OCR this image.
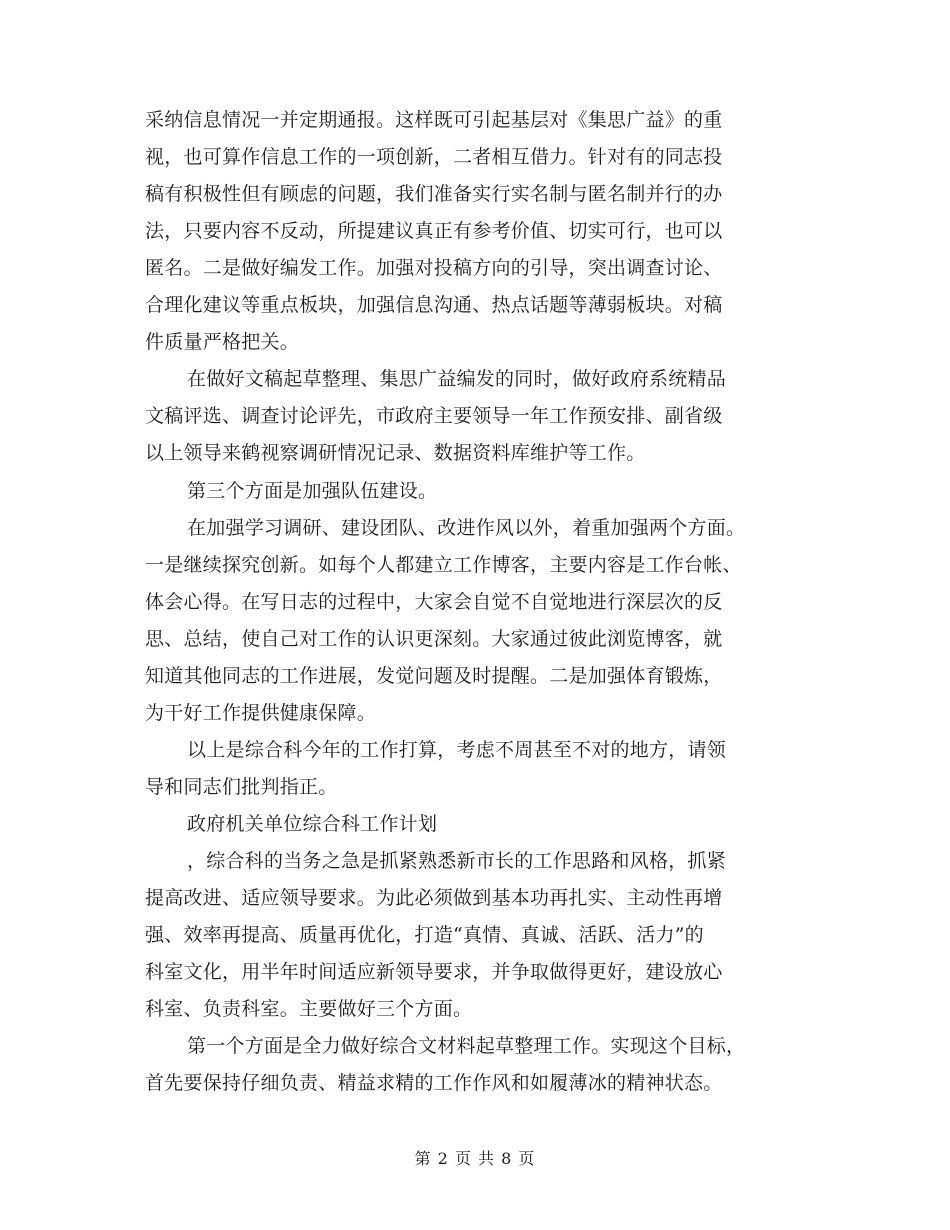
采纳信息情况一并定期通报。这样既可引起基层对《集思广益》的重
视，也可算作信息工作的一项创新，二者相互借力。针对有的同志投
稿有积极性但有顾虑的问题，我们准备实行实名制与匿名制并行的办
法，只要内容不反动，所提建议真正有参考价值、切实可行，也可以
匿名。二是做好编发工作。加强对投稿方向的引导，突出调查讨论、
合理化建议等重点板块，加强信息沟通、热点话题等薄弱板块。对稿
件质量严格把关。
在做好文稿起草整理、集思广益编发的同时，做好政府系统精品
文稿评选、调查讨论评先，市政府主要领导一年工作预安排、副省级
以上领导来鹤视察调研情况记录、数据资料库维护等工作。
第三个方面是加强队伍建设。
在加强学习调研、建设团队、改进作风以外，着重加强两个方面。
一是继续探究创新。如每个人都建立工作博客，主要内容是工作台帐、
体会心得。在写日志的过程中，大家会自觉不自觉地进行深层次的反
思、总结，使自己对工作的认识更深刻。大家通过彼此浏览博客，就
知道其他同志的工作进展，发觉问题及时提醒。二是加强体育锻炼，
为干好工作提供健康保障。
以上是综合科今年的工作打算，考虑不周甚至不对的地方，请领
导和同志们批判指正。
政府机关单位综合科工作计划
，综合科的当务之急是抓紧熟悉新市长的工作思路和风格，抓紧
提高改进、适应领导要求。为此必须做到基本功再扎实、主动性再增
强、效率再提高、质量再优化，打造“真情、真诚、活跃、活力”的
科室文化，用半年时间适应新领导要求，并争取做得更好，建设放心
科室、负责科室。主要做好三个方面。
第一个方面是全力做好综合文材料起草整理工作。实现这个目标，
首先要保持仔细负责、精益求精的工作作风和如履薄冰的精神状态。
第 2 页 共 8 页
